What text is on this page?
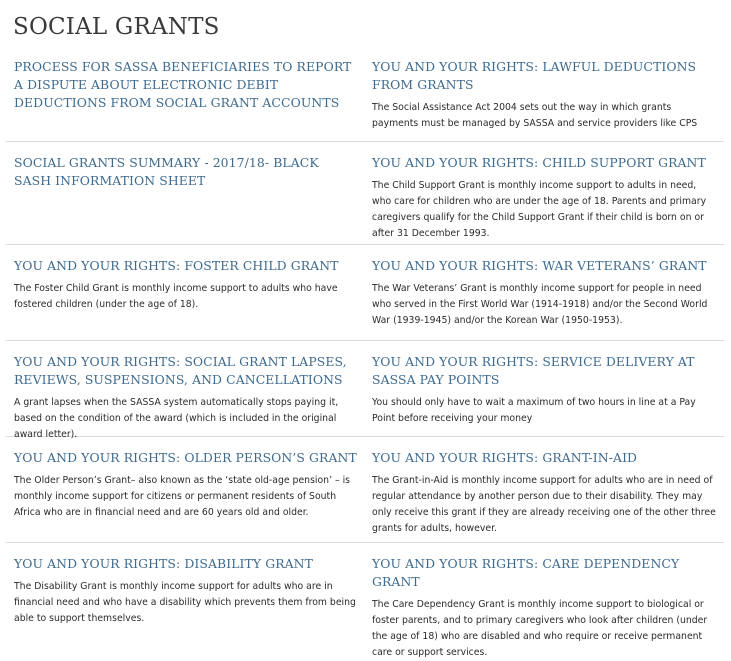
SOCIAL GRANTS
PROCESS FOR SASSA BENEFICIARIES TO REPORT A DISPUTE ABOUT ELECTRONIC DEBIT DEDUCTIONS FROM SOCIAL GRANT ACCOUNTS
YOU AND YOUR RIGHTS: LAWFUL DEDUCTIONS FROM GRANTS

The Social Assistance Act 2004 sets out the way in which grants payments must be managed by SASSA and service providers like CPS

SOCIAL GRANTS SUMMARY - 2017/18- BLACK SASH INFORMATION SHEET
YOU AND YOUR RIGHTS: CHILD SUPPORT GRANT

The Child Support Grant is monthly income support to adults in need, who care for children who are under the age of 18. Parents and primary caregivers qualify for the Child Support Grant if their child is born on or after 31 December 1993.

YOU AND YOUR RIGHTS: FOSTER CHILD GRANT

The Foster Child Grant is monthly income support to adults who have fostered children (under the age of 18).

YOU AND YOUR RIGHTS: WAR VETERANS’ GRANT

The War Veterans’ Grant is monthly income support for people in need who served in the First World War (1914-1918) and/or the Second World War (1939-1945) and/or the Korean War (1950-1953).

YOU AND YOUR RIGHTS: SOCIAL GRANT LAPSES, REVIEWS, SUSPENSIONS, AND CANCELLATIONS

A grant lapses when the SASSA system automatically stops paying it, based on the condition of the award (which is included in the original award letter).

YOU AND YOUR RIGHTS: SERVICE DELIVERY AT SASSA PAY POINTS

You should only have to wait a maximum of two hours in line at a Pay Point before receiving your money

YOU AND YOUR RIGHTS: OLDER PERSON’S GRANT

The Older Person’s Grant– also known as the ‘state old-age pension’ – is monthly income support for citizens or permanent residents of South Africa who are in financial need and are 60 years old and older.

YOU AND YOUR RIGHTS: GRANT-IN-AID

The Grant-in-Aid is monthly income support for adults who are in need of regular attendance by another person due to their disability. They may only receive this grant if they are already receiving one of the other three grants for adults, however.

YOU AND YOUR RIGHTS: DISABILITY GRANT

The Disability Grant is monthly income support for adults who are in financial need and who have a disability which prevents them from being able to support themselves.

YOU AND YOUR RIGHTS: CARE DEPENDENCY GRANT

The Care Dependency Grant is monthly income support to biological or foster parents, and to primary caregivers who look after children (under the age of 18) who are disabled and who require or receive permanent care or support services.
